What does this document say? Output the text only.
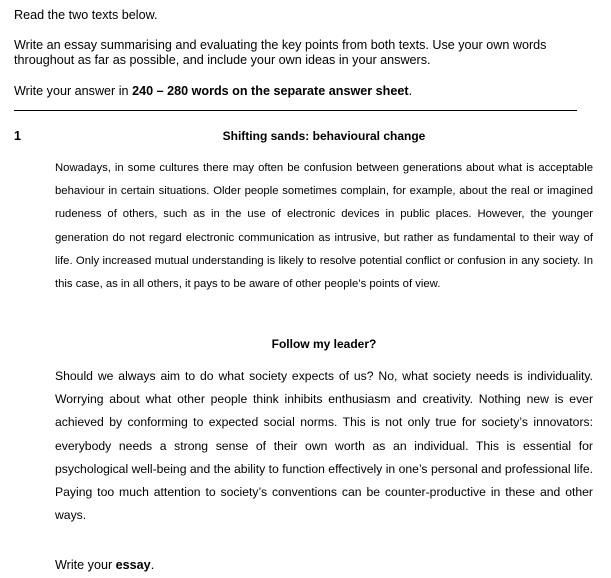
Read the two texts below.

Write an essay summarising and evaluating the key points from both texts. Use your own words throughout as far as possible, and include your own ideas in your answers.

Write your answer in 240 – 280 words on the separate answer sheet.

1	Shifting sands: behavioural change

Nowadays, in some cultures there may often be confusion between generations about what is acceptable behaviour in certain situations. Older people sometimes complain, for example, about the real or imagined rudeness of others, such as in the use of electronic devices in public places. However, the younger generation do not regard electronic communication as intrusive, but rather as fundamental to their way of life. Only increased mutual understanding is likely to resolve potential conflict or confusion in any society. In this case, as in all others, it pays to be aware of other people’s points of view.

Follow my leader?

Should we always aim to do what society expects of us? No, what society needs is individuality. Worrying about what other people think inhibits enthusiasm and creativity. Nothing new is ever achieved by conforming to expected social norms. This is not only true for society’s innovators: everybody needs a strong sense of their own worth as an individual. This is essential for psychological well-being and the ability to function effectively in one’s personal and professional life. Paying too much attention to society’s conventions can be counter-productive in these and other ways.

Write your essay.
